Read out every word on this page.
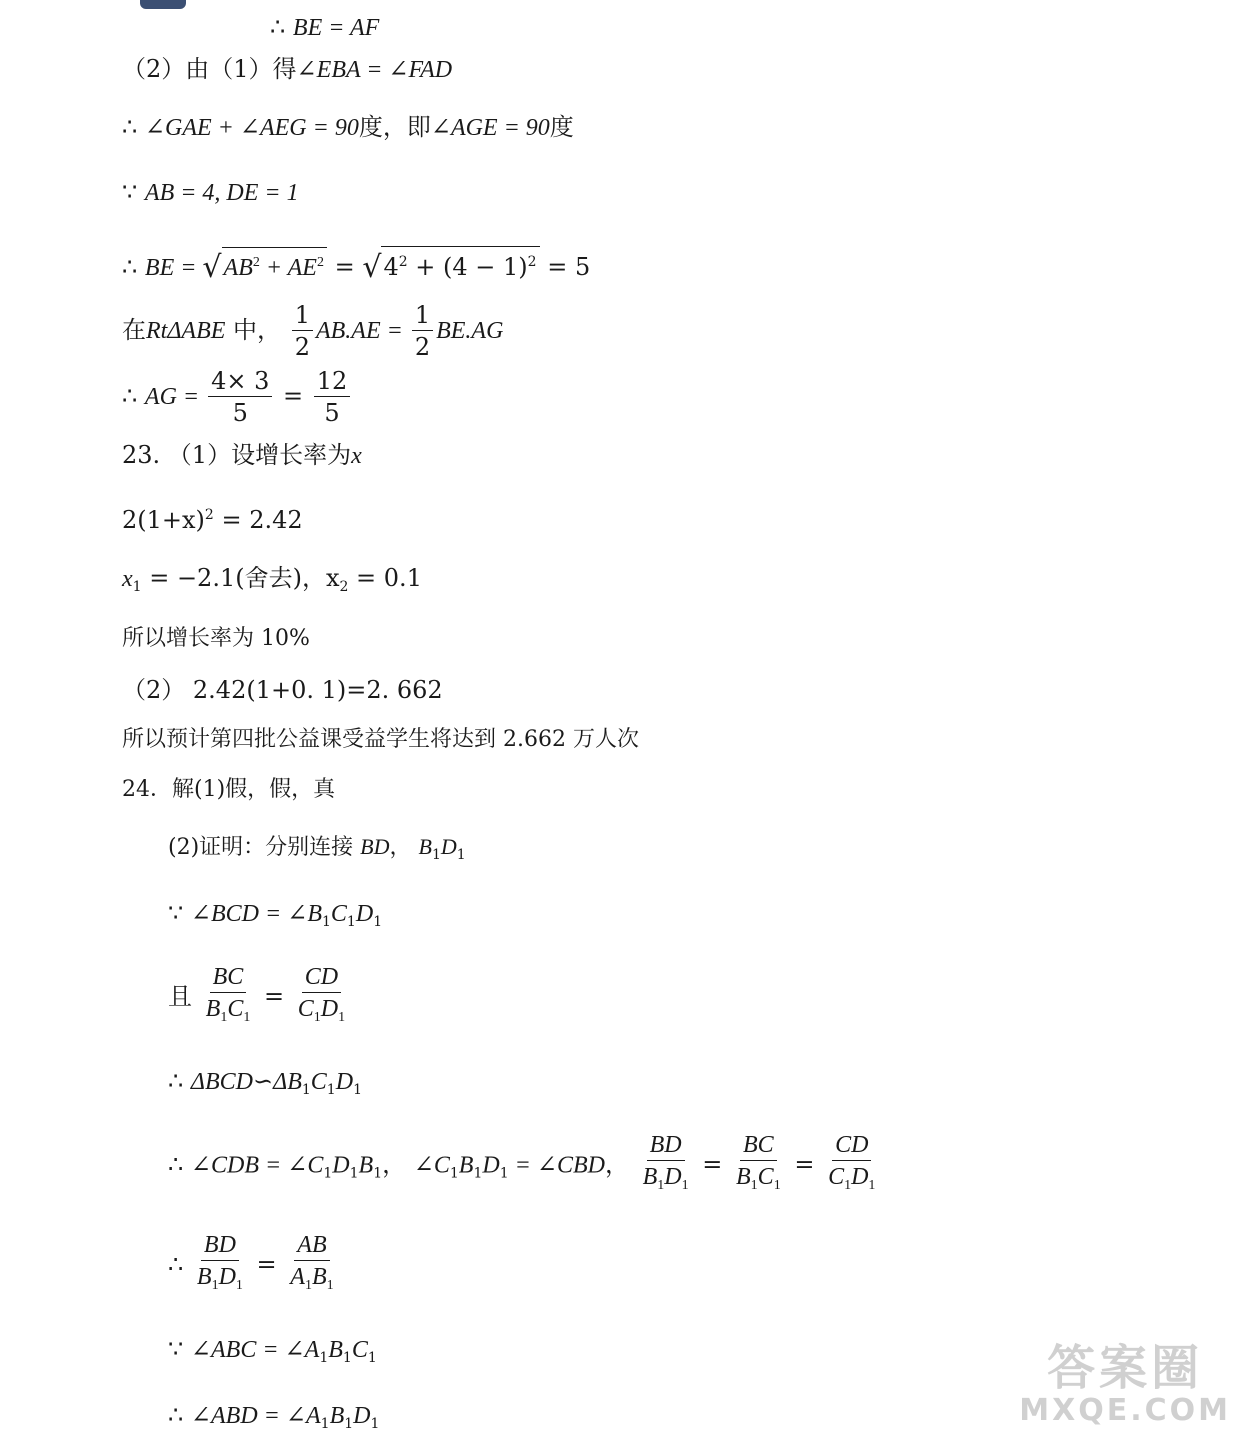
∴ BE = AF
（2）由（1）得∠EBA = ∠FAD
∴ ∠GAE + ∠AEG = 90度，即∠AGE = 90度
∵ AB = 4, DE = 1
∴ BE = $√AB^2 + AE^2 = √4^2 + (4 - 1)^2 = 5$
在RtΔABE 中， $\frac{1}{2} AB.AE = \frac{1}{2} BE.AG$
∴ AG = $\frac{4\times 3}{5} = \frac{12}{5}$
23. （1）设增长率为x
$2(1+x)^2 = 2.42$
$x_1 = -2.1$(舍去)，$x_2 = 0.1$
所以增长率为 10%
（2） 2.42(1+0. 1)=2. 662
所以预计第四批公益课受益学生将达到 2.662 万人次
24．解(1)假，假，真
(2)证明：分别连接 BD， $B_1D_1$
∵ ∠BCD = $\angle B_1C_1D_1$
且 $\frac{BC}{B_1C_1} = \frac{CD}{C_1D_1}$
∴ $\Delta BCD∽\Delta B_1C_1D_1$
∴ ∠CDB = $\angle C_1D_1B_1$， $\angle C_1B_1D_1$ = ∠CBD， $\frac{BD}{B_1D_1} = \frac{BC}{B_1C_1} = \frac{CD}{C_1D_1}$
∴ $\frac{BD}{B_1D_1} = \frac{AB}{A_1B_1}$
∵ ∠ABC = $\angle A_1B_1C_1$
∴ ∠ABD = $\angle A_1B_1D_1$
答案圈
MXQE.COM
